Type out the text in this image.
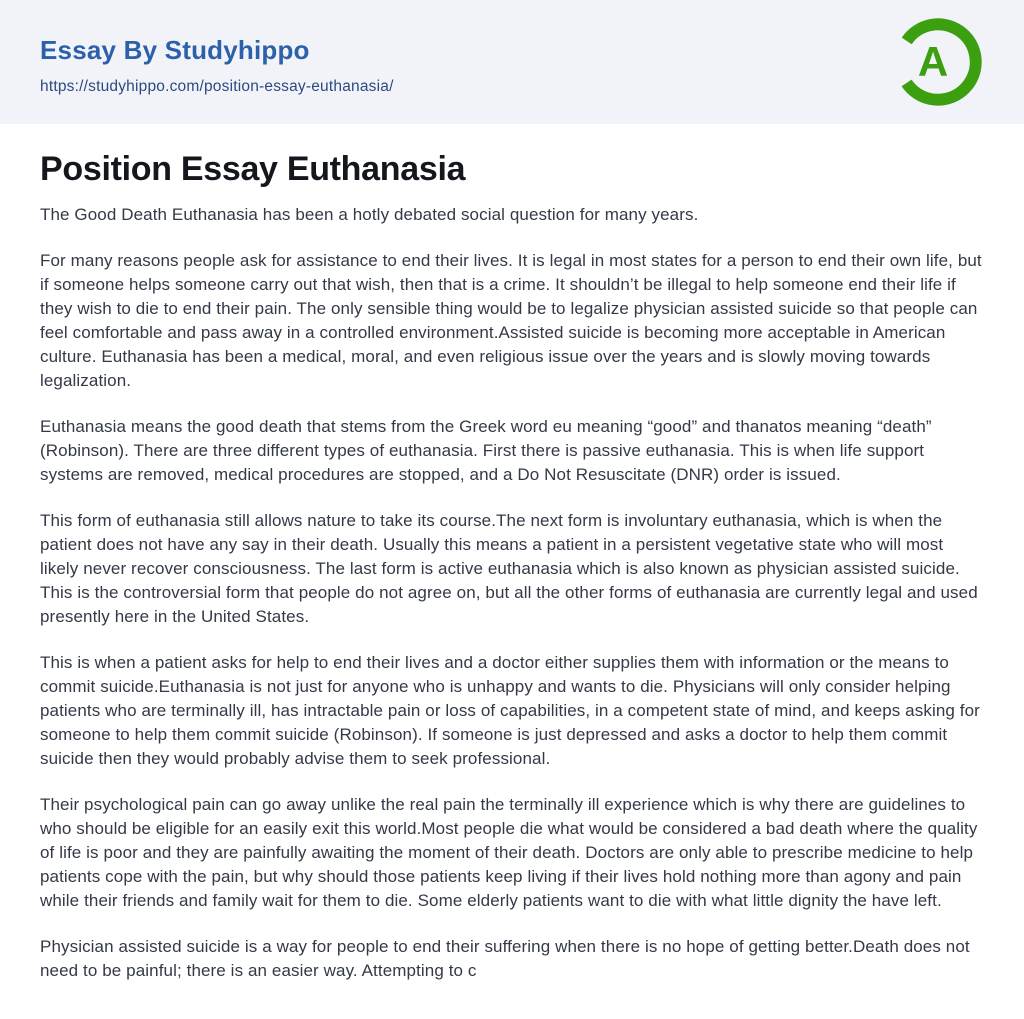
Essay By Studyhippo
https://studyhippo.com/position-essay-euthanasia/
A
Position Essay Euthanasia

The Good Death Euthanasia has been a hotly debated social question for many years.

For many reasons people ask for assistance to end their lives. It is legal in most states for a person to end their own life, but if someone helps someone carry out that wish, then that is a crime. It shouldn’t be illegal to help someone end their life if they wish to die to end their pain. The only sensible thing would be to legalize physician assisted suicide so that people can feel comfortable and pass away in a controlled environment.Assisted suicide is becoming more acceptable in American culture. Euthanasia has been a medical, moral, and even religious issue over the years and is slowly moving towards legalization.

Euthanasia means the good death that stems from the Greek word eu meaning “good” and thanatos meaning “death” (Robinson). There are three different types of euthanasia. First there is passive euthanasia. This is when life support systems are removed, medical procedures are stopped, and a Do Not Resuscitate (DNR) order is issued.

This form of euthanasia still allows nature to take its course.The next form is involuntary euthanasia, which is when the patient does not have any say in their death. Usually this means a patient in a persistent vegetative state who will most likely never recover consciousness. The last form is active euthanasia which is also known as physician assisted suicide. This is the controversial form that people do not agree on, but all the other forms of euthanasia are currently legal and used presently here in the United States.

This is when a patient asks for help to end their lives and a doctor either supplies them with information or the means to commit suicide.Euthanasia is not just for anyone who is unhappy and wants to die. Physicians will only consider helping patients who are terminally ill, has intractable pain or loss of capabilities, in a competent state of mind, and keeps asking for someone to help them commit suicide (Robinson). If someone is just depressed and asks a doctor to help them commit suicide then they would probably advise them to seek professional.

Their psychological pain can go away unlike the real pain the terminally ill experience which is why there are guidelines to who should be eligible for an easily exit this world.Most people die what would be considered a bad death where the quality of life is poor and they are painfully awaiting the moment of their death. Doctors are only able to prescribe medicine to help patients cope with the pain, but why should those patients keep living if their lives hold nothing more than agony and pain while their friends and family wait for them to die. Some elderly patients want to die with what little dignity the have left.

Physician assisted suicide is a way for people to end their suffering when there is no hope of getting better.Death does not need to be painful; there is an easier way. Attempting to c
